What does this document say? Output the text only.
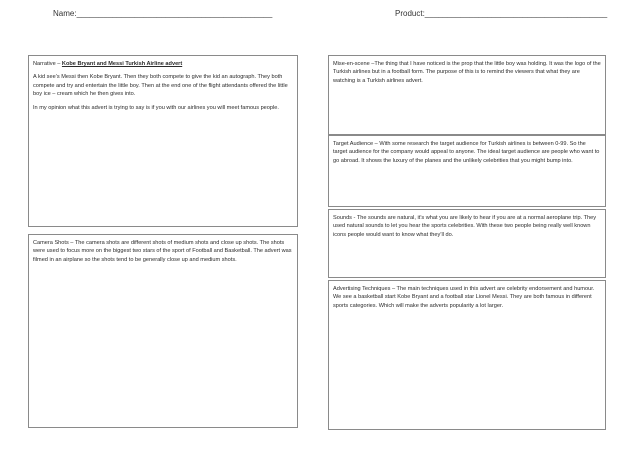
Name:____________________________________________	Product:_________________________________________

Narrative – Kobe Bryant and Messi Turkish Airline advert

A kid see’s Messi then Kobe Bryant. Then they both compete to give the kid an autograph. They both compete and try and entertain the little boy. Then at the end one of the flight attendants offered the little boy ice – cream which he then gives into.

In my opinion what this advert is trying to say is if you with our airlines you will meet famous people.

Camera Shots – The camera shots are different shots of medium shots and close up shots. The shots were used to focus more on the biggest two stars of the sport of Football and Basketball. The advert was filmed in an airplane so the shots tend to be generally close up and medium shots.

Mise-en-scene –The thing that I have noticed is the prop that the little boy was holding. It was the logo of the Turkish airlines but in a football form. The purpose of this is to remind the viewers that what they are watching is a Turkish airlines advert.

Target Audience – With some research the target audience for Turkish airlines is between 0-99. So the target audience for the company would appeal to anyone. The ideal target audience are people who want to go abroad. It shows the luxury of the planes and the unlikely celebrities that you might bump into.

Sounds - The sounds are natural, it’s what you are likely to hear if you are at a normal aeroplane trip. They used natural sounds to let you hear the sports celebrities. With these two people being really well known icons people would want to know what they’ll do.

Advertising Techniques – The main techniques used in this advert are celebrity endorsement and humour. We see a basketball start Kobe Bryant and a football star Lionel Messi. They are both famous in different sports categories. Which will make the adverts popularity a lot larger.
